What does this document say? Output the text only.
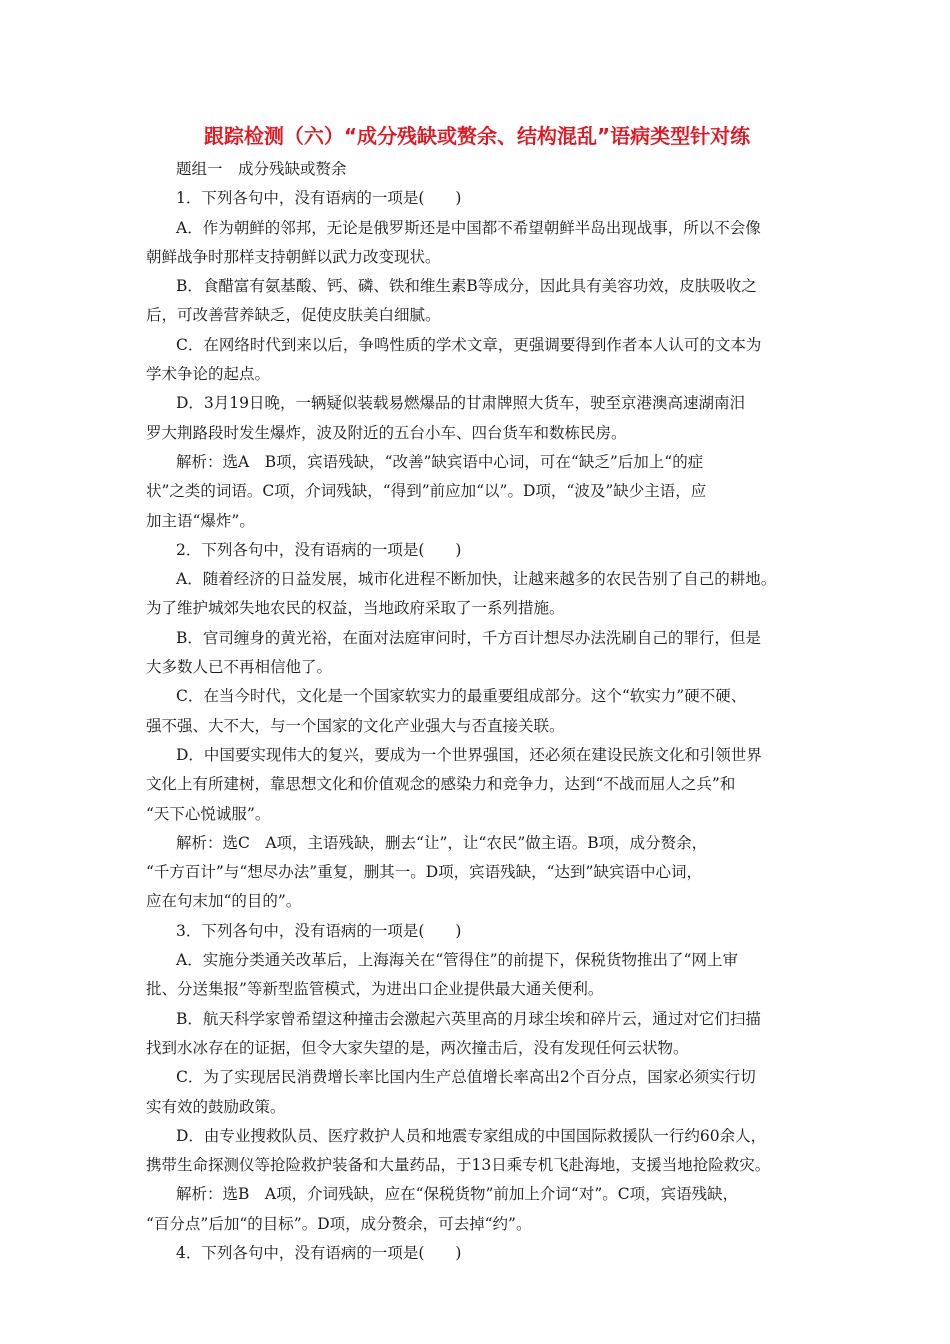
跟踪检测（六）“成分残缺或赘余、结构混乱”语病类型针对练

题组一　成分残缺或赘余

1．下列各句中，没有语病的一项是(　　)

A．作为朝鲜的邻邦，无论是俄罗斯还是中国都不希望朝鲜半岛出现战事，所以不会像

朝鲜战争时那样支持朝鲜以武力改变现状。

B．食醋富有氨基酸、钙、磷、铁和维生素B等成分，因此具有美容功效，皮肤吸收之

后，可改善营养缺乏，促使皮肤美白细腻。

C．在网络时代到来以后，争鸣性质的学术文章，更强调要得到作者本人认可的文本为

学术争论的起点。

D．3月19日晚，一辆疑似装载易燃爆品的甘肃牌照大货车，驶至京港澳高速湖南汨

罗大荆路段时发生爆炸，波及附近的五台小车、四台货车和数栋民房。

解析：选A　B项，宾语残缺，“改善”缺宾语中心词，可在“缺乏”后加上“的症

状”之类的词语。C项，介词残缺，“得到”前应加“以”。D项，“波及”缺少主语，应

加主语“爆炸”。

2．下列各句中，没有语病的一项是(　　)

A．随着经济的日益发展，城市化进程不断加快，让越来越多的农民告别了自己的耕地。

为了维护城郊失地农民的权益，当地政府采取了一系列措施。

B．官司缠身的黄光裕，在面对法庭审问时，千方百计想尽办法洗刷自己的罪行，但是

大多数人已不再相信他了。

C．在当今时代，文化是一个国家软实力的最重要组成部分。这个“软实力”硬不硬、

强不强、大不大，与一个国家的文化产业强大与否直接关联。

D．中国要实现伟大的复兴，要成为一个世界强国，还必须在建设民族文化和引领世界

文化上有所建树，靠思想文化和价值观念的感染力和竞争力，达到“不战而屈人之兵”和

“天下心悦诚服”。

解析：选C　A项，主语残缺，删去“让”，让“农民”做主语。B项，成分赘余，

“千方百计”与“想尽办法”重复，删其一。D项，宾语残缺，“达到”缺宾语中心词，

应在句末加“的目的”。

3．下列各句中，没有语病的一项是(　　)

A．实施分类通关改革后，上海海关在“管得住”的前提下，保税货物推出了“网上审

批、分送集报”等新型监管模式，为进出口企业提供最大通关便利。

B．航天科学家曾希望这种撞击会激起六英里高的月球尘埃和碎片云，通过对它们扫描

找到水冰存在的证据，但令大家失望的是，两次撞击后，没有发现任何云状物。

C．为了实现居民消费增长率比国内生产总值增长率高出2个百分点，国家必须实行切

实有效的鼓励政策。

D．由专业搜救队员、医疗救护人员和地震专家组成的中国国际救援队一行约60余人，

携带生命探测仪等抢险救护装备和大量药品，于13日乘专机飞赴海地，支援当地抢险救灾。

解析：选B　A项，介词残缺，应在“保税货物”前加上介词“对”。C项，宾语残缺，

“百分点”后加“的目标”。D项，成分赘余，可去掉“约”。

4．下列各句中，没有语病的一项是(　　)
